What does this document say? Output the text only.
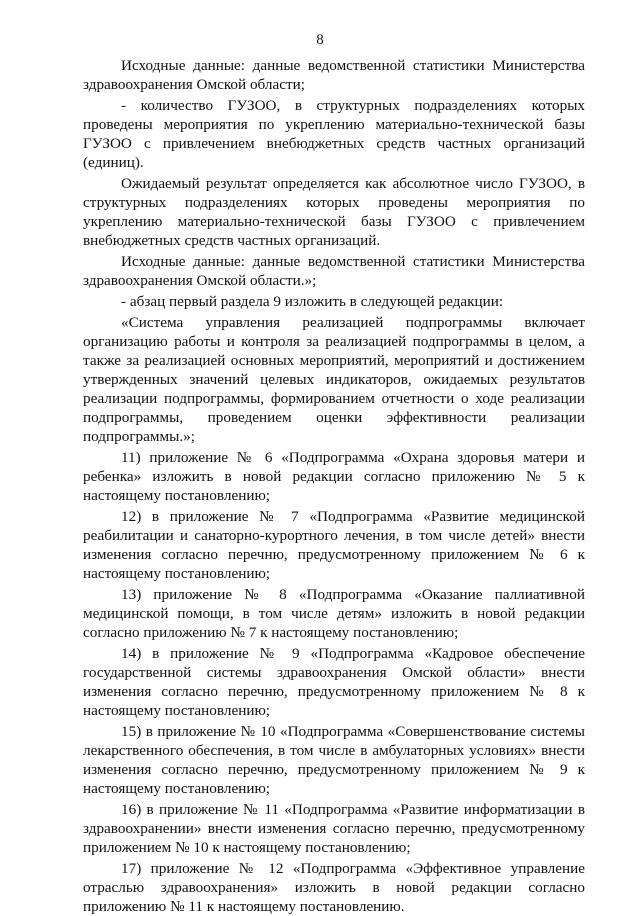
8

Исходные данные: данные ведомственной статистики Министерства здравоохранения Омской области;

- количество ГУЗОО, в структурных подразделениях которых проведены мероприятия по укреплению материально-технической базы ГУЗОО с привлечением внебюджетных средств частных организаций (единиц).

Ожидаемый результат определяется как абсолютное число ГУЗОО, в структурных подразделениях которых проведены мероприятия по укреплению материально-технической базы ГУЗОО с привлечением внебюджетных средств частных организаций.

Исходные данные: данные ведомственной статистики Министерства здравоохранения Омской области.»;

- абзац первый раздела 9 изложить в следующей редакции:

«Система управления реализацией подпрограммы включает организацию работы и контроля за реализацией подпрограммы в целом, а также за реализацией основных мероприятий, мероприятий и достижением утвержденных значений целевых индикаторов, ожидаемых результатов реализации подпрограммы, формированием отчетности о ходе реализации подпрограммы, проведением оценки эффективности реализации подпрограммы.»;

11) приложение № 6 «Подпрограмма «Охрана здоровья матери и ребенка» изложить в новой редакции согласно приложению № 5 к настоящему постановлению;

12) в приложение № 7 «Подпрограмма «Развитие медицинской реабилитации и санаторно-курортного лечения, в том числе детей» внести изменения согласно перечню, предусмотренному приложением № 6 к настоящему постановлению;

13) приложение № 8 «Подпрограмма «Оказание паллиативной медицинской помощи, в том числе детям» изложить в новой редакции согласно приложению № 7 к настоящему постановлению;

14) в приложение № 9 «Подпрограмма «Кадровое обеспечение государственной системы здравоохранения Омской области» внести изменения согласно перечню, предусмотренному приложением № 8 к настоящему постановлению;

15) в приложение № 10 «Подпрограмма «Совершенствование системы лекарственного обеспечения, в том числе в амбулаторных условиях» внести изменения согласно перечню, предусмотренному приложением № 9 к настоящему постановлению;

16) в приложение № 11 «Подпрограмма «Развитие информатизации в здравоохранении» внести изменения согласно перечню, предусмотренному приложением № 10 к настоящему постановлению;

17) приложение № 12 «Подпрограмма «Эффективное управление отраслью здравоохранения» изложить в новой редакции согласно приложению № 11 к настоящему постановлению.
